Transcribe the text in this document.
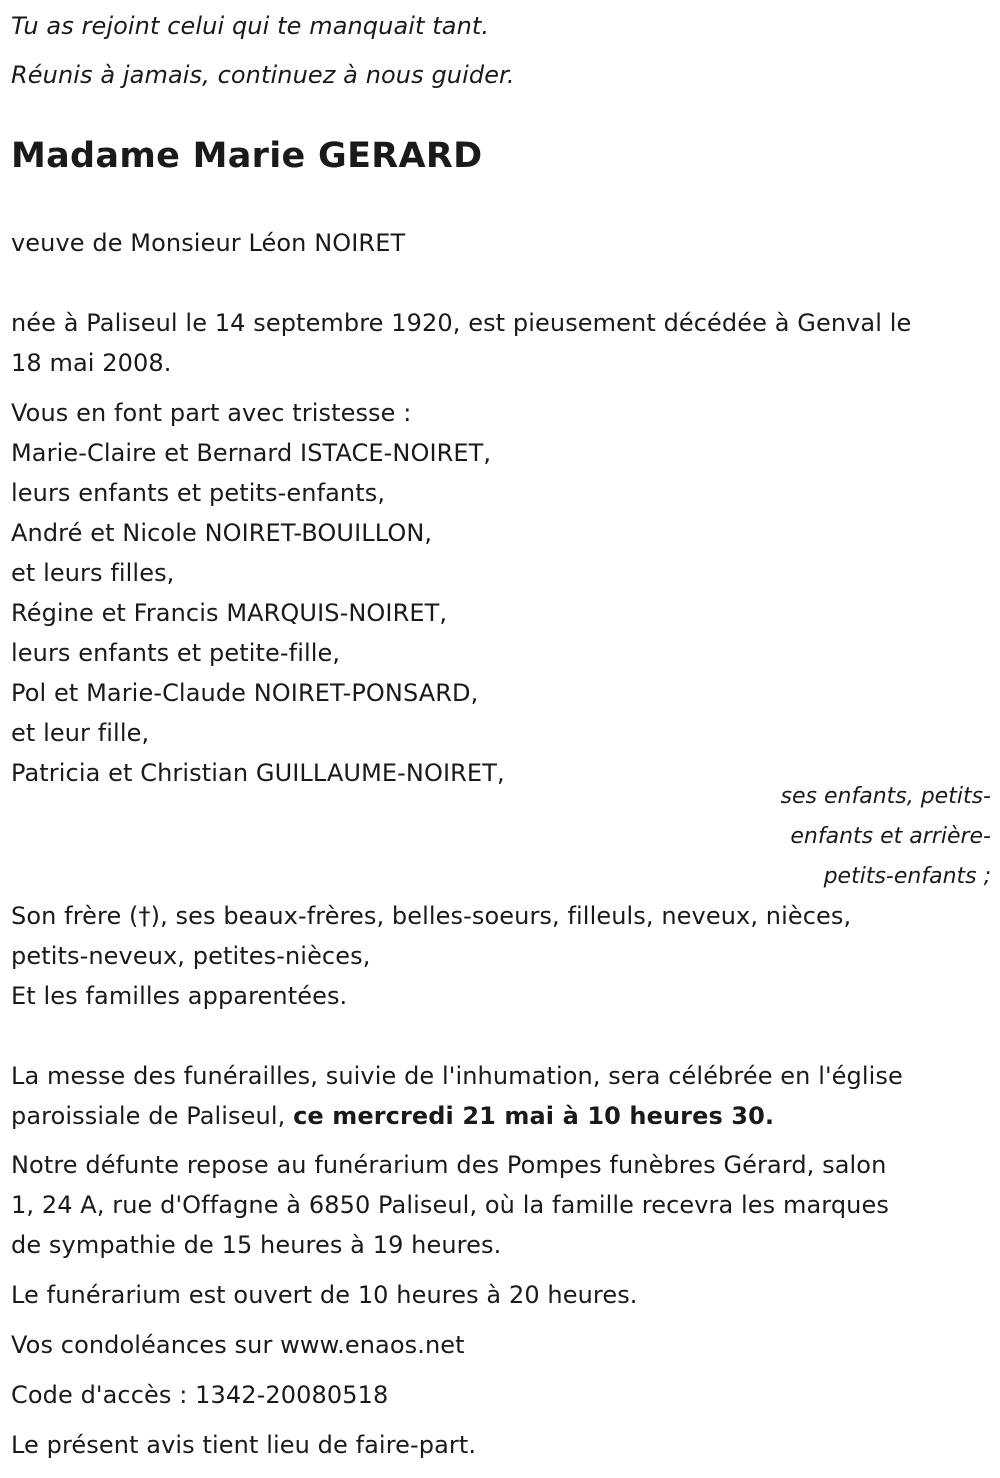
Tu as rejoint celui qui te manquait tant.
Réunis à jamais, continuez à nous guider.
Madame Marie GERARD
veuve de Monsieur Léon NOIRET
née à Paliseul le 14 septembre 1920, est pieusement décédée à Genval le
18 mai 2008.
Vous en font part avec tristesse :
Marie-Claire et Bernard ISTACE-NOIRET,
leurs enfants et petits-enfants,
André et Nicole NOIRET-BOUILLON,
et leurs filles,
Régine et Francis MARQUIS-NOIRET,
leurs enfants et petite-fille,
Pol et Marie-Claude NOIRET-PONSARD,
et leur fille,
Patricia et Christian GUILLAUME-NOIRET,
ses enfants, petits-
enfants et arrière-
petits-enfants ;
Son frère (†), ses beaux-frères, belles-soeurs, filleuls, neveux, nièces,
petits-neveux, petites-nièces,
Et les familles apparentées.
La messe des funérailles, suivie de l'inhumation, sera célébrée en l'église
paroissiale de Paliseul, ce mercredi 21 mai à 10 heures 30.
Notre défunte repose au funérarium des Pompes funèbres Gérard, salon
1, 24 A, rue d'Offagne à 6850 Paliseul, où la famille recevra les marques
de sympathie de 15 heures à 19 heures.
Le funérarium est ouvert de 10 heures à 20 heures.
Vos condoléances sur www.enaos.net
Code d'accès : 1342-20080518
Le présent avis tient lieu de faire-part.
